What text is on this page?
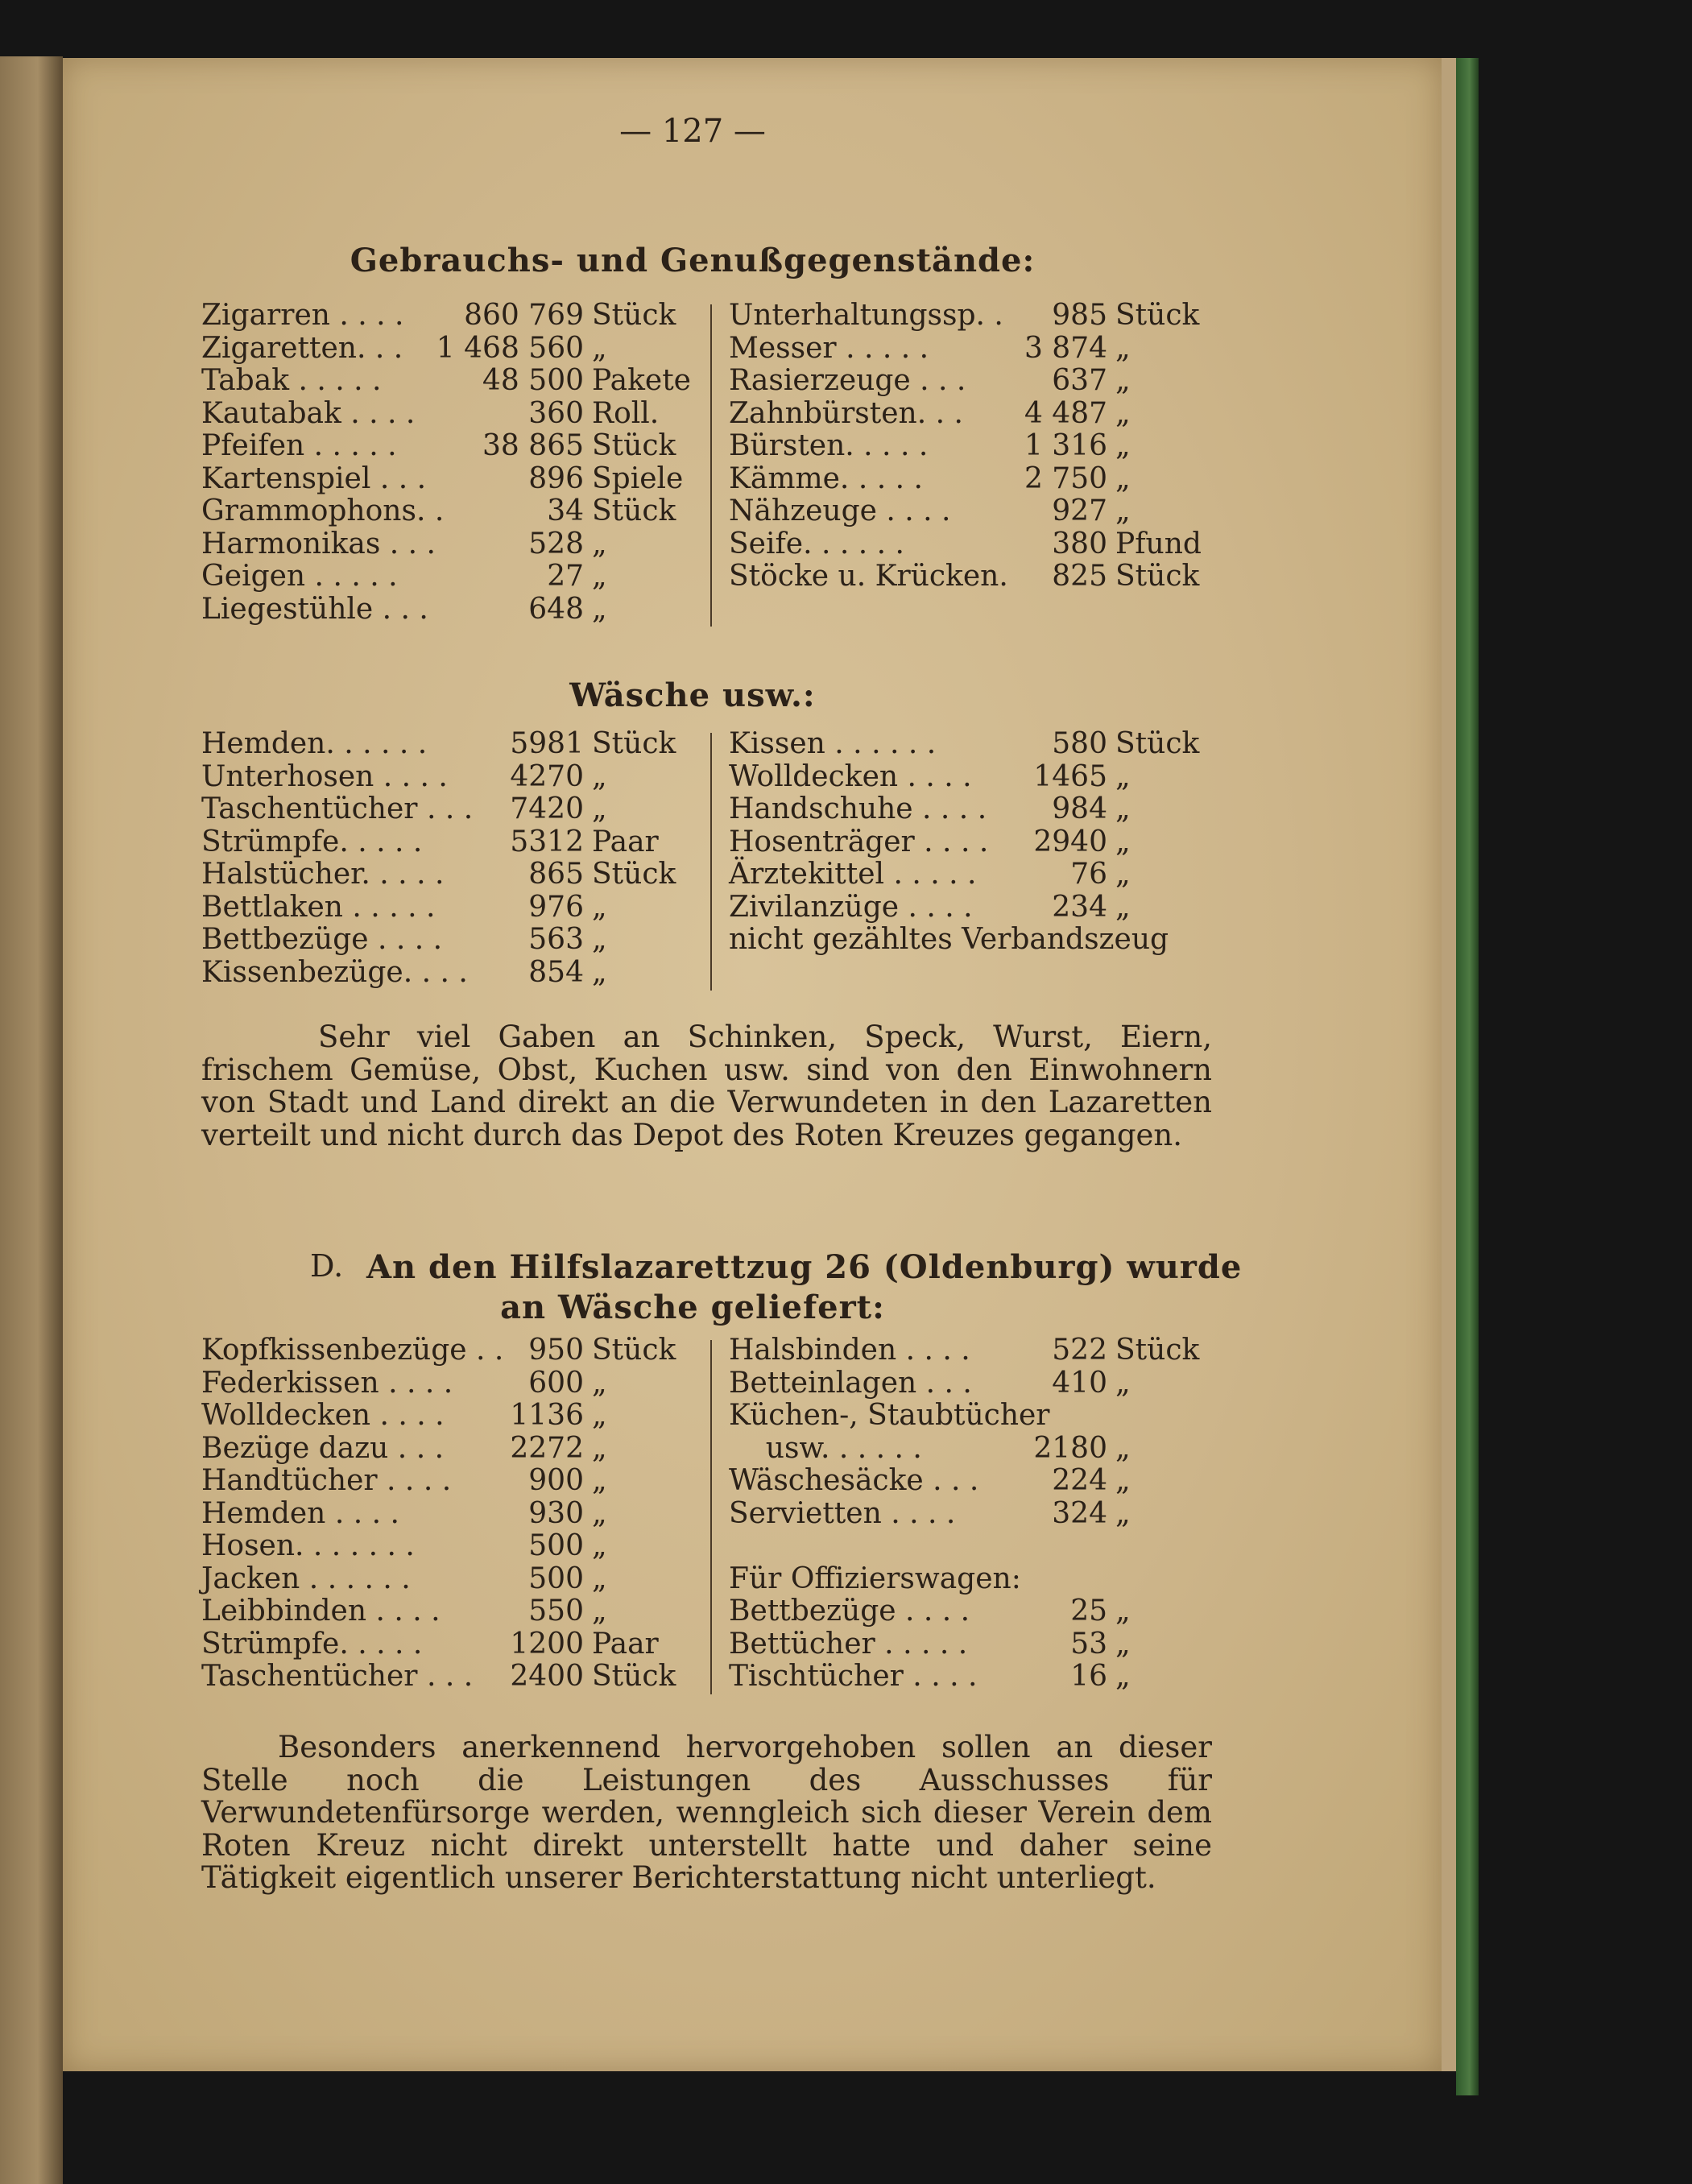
— 127 —
Gebrauchs- und Genußgegenstände:
Zigarren . . . . 860 769 Stück
Zigaretten. . . 1 468 560 „
Tabak . . . . .	48 500 Pakete
Kautabak . . . .	360 Roll.
Pfeifen . . . . .	38 865 Stück
Kartenspiel . . .	896 Spiele
Grammophons. .	34 Stück
Harmonikas . . .	528 „
Geigen . . . . .	27 „
Liegestühle . . .	648 „
Unterhaltungssp. . 985 Stück
Messer . . . . .	3 874 „
Rasierzeuge . . .	637 „
Zahnbürsten. . . 4 487 „
Bürsten. . . . .	1 316 „
Kämme. . . . .	2 750 „
Nähzeuge . . . .	927 „
Seife. . . . . .	380 Pfund
Stöcke u. Krücken. 825 Stück
Wäsche usw.:
Hemden. . . . . .	5981 Stück
Unterhosen . . . . 4270 „
Taschentücher . . . 7420 „
Strümpfe. . . . .	5312 Paar
Halstücher. . . . .	865 Stück
Bettlaken . . . . .	976 „
Bettbezüge . . . .	563 „
Kissenbezüge. . . . 854 „
Kissen . . . . . .	580 Stück
Wolldecken . . . . 1465 „
Handschuhe . . . . 984 „
Hosenträger . . . . 2940 „
Ärztekittel . . . . .	76 „
Zivilanzüge . . . .	234 „
nicht gezähltes Verbandszeug
Sehr viel Gaben an Schinken, Speck, Wurst, Eiern, frischem Gemüse, Obst, Kuchen usw. sind von den Einwohnern von Stadt und Land direkt an die Verwundeten in den Lazaretten verteilt und nicht durch das Depot des Roten Kreuzes gegangen.
D. An den Hilfslazarettzug 26 (Oldenburg) wurde
an Wäsche geliefert:
Kopfkissenbezüge . . 950 Stück
Federkissen . . . .	600 „
Wolldecken . . . . 1136 „
Bezüge dazu . . . 2272 „
Handtücher . . . .	900 „
Hemden . . . .	930 „
Hosen. . . . . . .	500 „
Jacken . . . . . .	500 „
Leibbinden . . . .	550 „
Strümpfe. . . . .	1200 Paar
Taschentücher . . . 2400 Stück
Halsbinden . . . .	522 Stück
Betteinlagen . . .	410 „
Küchen-, Staubtücher
usw. . . . . .	2180 „
Wäschesäcke . . .	224 „
Servietten . . . .	324 „
Für Offizierswagen:
Bettbezüge . . . .	25 „
Bettücher . . . . .	53 „
Tischtücher . . . .	16 „
Besonders anerkennend hervorgehoben sollen an dieser Stelle noch die Leistungen des Ausschusses für Verwundetenfürsorge werden, wenngleich sich dieser Verein dem Roten Kreuz nicht direkt unterstellt hatte und daher seine Tätigkeit eigentlich unserer Berichterstattung nicht unterliegt.
